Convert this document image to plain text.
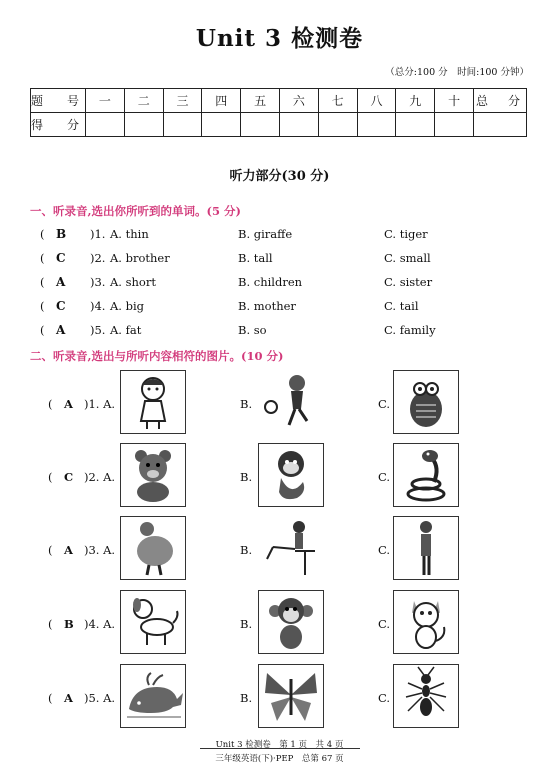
Unit 3 检测卷
（总分:100 分　时间:100 分钟）
题　号	一	二	三	四	五	六	七	八	九	十	总　分
得　分											
听力部分(30 分)
一、听录音,选出你所听到的单词。(5 分)
( B )1. A. thin	B. giraffe	C. tiger
( C )2. A. brother	B. tall	C. small
( A )3. A. short	B. children	C. sister
( C )4. A. big	B. mother	C. tail
( A )5. A. fat	B. so	C. family
二、听录音,选出与所听内容相符的图片。(10 分)
( A )1. A.	B.	C.
( C )2. A.	B.	C.
( A )3. A.	B.	C.
( B )4. A.	B.	C.
( A )5. A.	B.	C.
Unit 3 检测卷　第 1 页　共 4 页
三年级英语(下)·PEP　总第 67 页
